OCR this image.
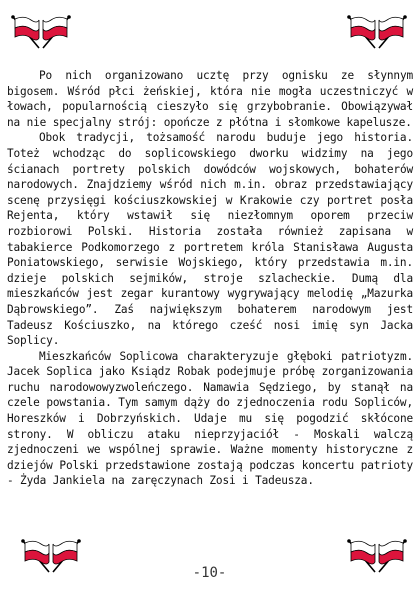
Po nich organizowano ucztę przy ognisku ze słynnym bigosem. Wśród płci żeńskiej, która nie mogła uczestniczyć w łowach, popularnością cieszyło się grzybobranie. Obowiązywał na nie specjalny strój: opończe z płótna i słomkowe kapelusze.

Obok tradycji, tożsamość narodu buduje jego historia. Toteż wchodząc do soplicowskiego dworku widzimy na jego ścianach portrety polskich dowódców wojskowych, bohaterów narodowych. Znajdziemy wśród nich m.in. obraz przedstawiający scenę przysięgi kościuszkowskiej w Krakowie czy portret posła Rejenta, który wstawił się niezłomnym oporem przeciw rozbiorowi Polski. Historia została również zapisana w tabakierce Podkomorzego z portretem króla Stanisława Augusta Poniatowskiego, serwisie Wojskiego, który przedstawia m.in. dzieje polskich sejmików, stroje szlacheckie. Dumą dla mieszkańców jest zegar kurantowy wygrywający melodię „Mazurka Dąbrowskiego”. Zaś największym bohaterem narodowym jest Tadeusz Kościuszko, na którego cześć nosi imię syn Jacka Soplicy.

Mieszkańców Soplicowa charakteryzuje głęboki patriotyzm. Jacek Soplica jako Ksiądz Robak podejmuje próbę zorganizowania ruchu narodowowyzwoleńczego. Namawia Sędziego, by stanął na czele powstania. Tym samym dąży do zjednoczenia rodu Sopliców, Horeszków i Dobrzyńskich. Udaje mu się pogodzić skłócone strony. W obliczu ataku nieprzyjaciół - Moskali walczą zjednoczeni we wspólnej sprawie. Ważne momenty historyczne z dziejów Polski przedstawione zostają podczas koncertu patrioty - Żyda Jankiela na zaręczynach Zosi i Tadeusza.

-10-
